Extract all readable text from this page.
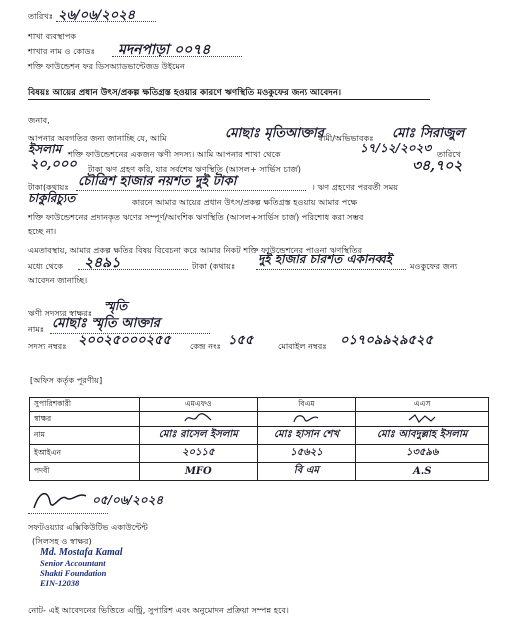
তারিখঃ ২৬/০৬/২০২৪
শাখা ব্যবস্থাপক
শাখার নাম ও কোডঃ মদনপাড়া ০০৭৪
শক্তি ফাউন্ডেশন ফর ডিসঅ্যাডভান্টেজড উইমেন
বিষয়ঃ আয়ের প্রধান উৎস/প্রকল্প ক্ষতিগ্রস্ত হওয়ার কারণে ঋণস্থিতি মওকুফের জন্য আবেদন।
জনাব,
আপনার অবগতির জন্য জানাচ্ছি যে, আমি	মোছাঃ মৃতিআক্তার
স্বামী/অভিভাবকঃ মোঃ সিরাজুল
ইসলাম শক্তি ফাউন্ডেশনের একজন ঋণী সদস্য। আমি আপনার শাখা থেকে	১৭/১২/২০২৩ তারিখে
২০,০০০ টাকা ঋণ গ্রহণ করি, যার সর্বশেষ ঋণস্থিতি (আসল+ সার্ভিস চার্জ)	৩৪,৭০২
টাকা(কথায়ঃ চৌত্রিশ হাজার নয়শত দুই টাকা	। ঋণ গ্রহণের পরবর্তী সময়
চাকুরিচ্যুত	কারনে আমার আয়ের প্রধান উৎস/প্রকল্প ক্ষতিগ্রস্ত হওয়ায় আমার পক্ষে
শক্তি ফাউন্ডেশনের প্রদানকৃত ঋণের সম্পূর্ণ/আংশিক ঋণস্থিতি (আসল+সার্ভিস চার্জ) পরিশোধ করা সম্ভব
হচ্ছে না।
এমতাবস্থায়, আমার প্রকল্প ক্ষতির বিষয় বিবেচনা করে আমার নিকট শক্তি ফাউন্ডেশনের পাওনা ঋণস্থিতির
মধ্যে থেকে ২৪৯১	টাকা (কথায়ঃ দুই হাজার চারশত একানব্বই মওকুফের জন্য
আবেদন জানাচ্ছি।
ঋণী সদস্যর স্বাক্ষরঃ স্মৃতি
নামঃ মোছাঃ স্মৃতি আক্তার
সদস্য নম্বরঃ ২০০২৫০০০২৫৫ কেন্দ্র নংঃ ১৫৫	মোবাইল নম্বরঃ ০১৭০৯৯২৯৫২৫
[অফিস কর্তৃক পূরণীয়]
সুপারিশকারী	এমএফও	বিএম	এএস
স্বাক্ষর			
নাম	মোঃ রাসেল ইসলাম	মোঃ হাসান শেখ	মোঃ আবদুল্লাহ ইসলাম
ইআইএন	২০১১৫	১৫৬২১	১৩৫৯৬
পদবী	MFO	বি এম	A.S
০৫/০৬/২০২৪
সফটওয়্যার এক্সিকিউটিভ একাউন্টেন্ট
(সিলসহ ও স্বাক্ষর)
Md. Mostafa Kamal
Senior Accountant
Shakti Foundation
EIN-12038
নোট- এই আবেদনের ভিত্তিতে এন্ট্রি, সুপারিশ এবং অনুমোদন প্রক্রিয়া সম্পন্ন হবে।
